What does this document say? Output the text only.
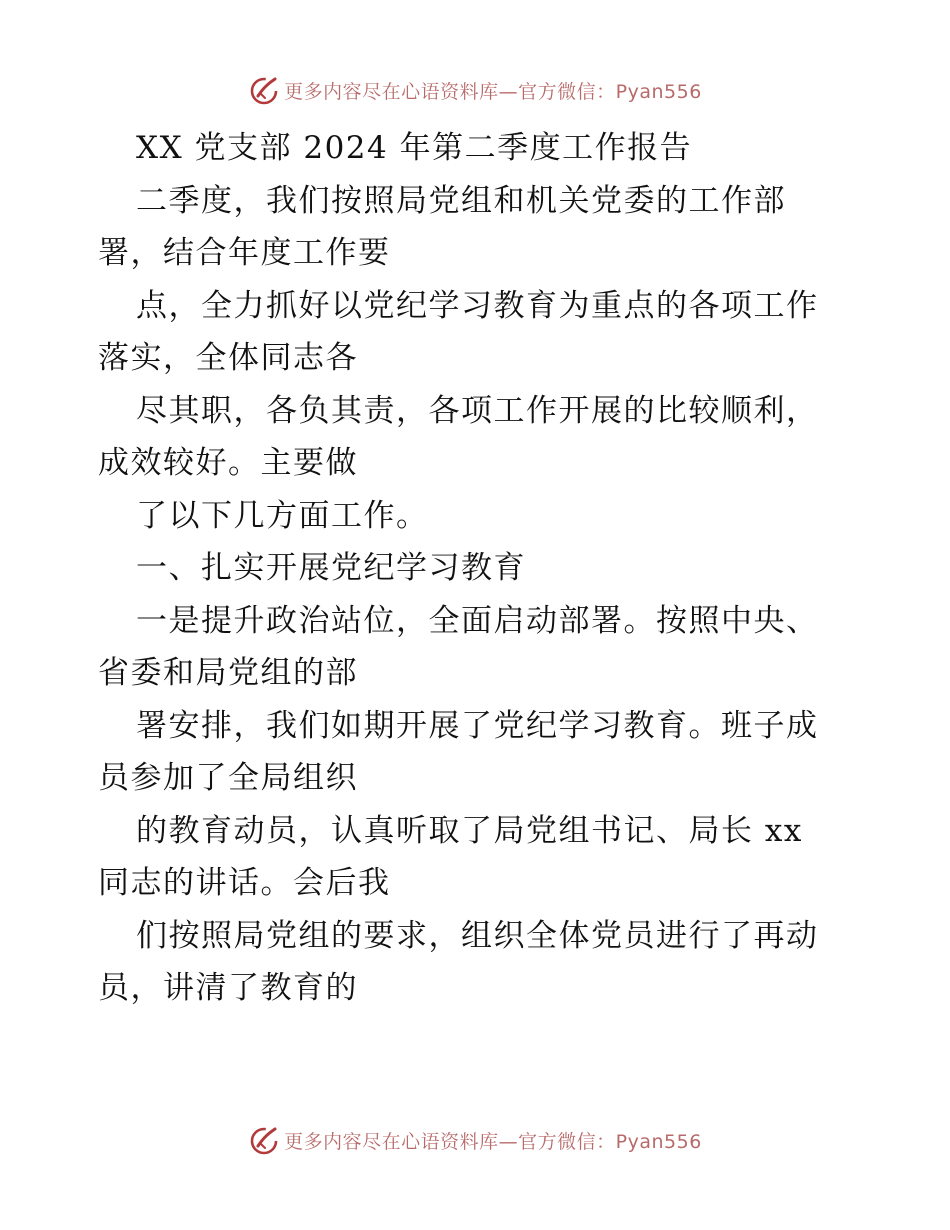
更多内容尽在心语资料库—官方微信：Pyan556
XX 党支部 2024 年第二季度工作报告
二季度，我们按照局党组和机关党委的工作部
署，结合年度工作要
点，全力抓好以党纪学习教育为重点的各项工作
落实，全体同志各
尽其职，各负其责，各项工作开展的比较顺利，
成效较好。主要做
了以下几方面工作。
一、扎实开展党纪学习教育
一是提升政治站位，全面启动部署。按照中央、
省委和局党组的部
署安排，我们如期开展了党纪学习教育。班子成
员参加了全局组织
的教育动员，认真听取了局党组书记、局长 xx
同志的讲话。会后我
们按照局党组的要求，组织全体党员进行了再动
员，讲清了教育的
更多内容尽在心语资料库—官方微信：Pyan556
